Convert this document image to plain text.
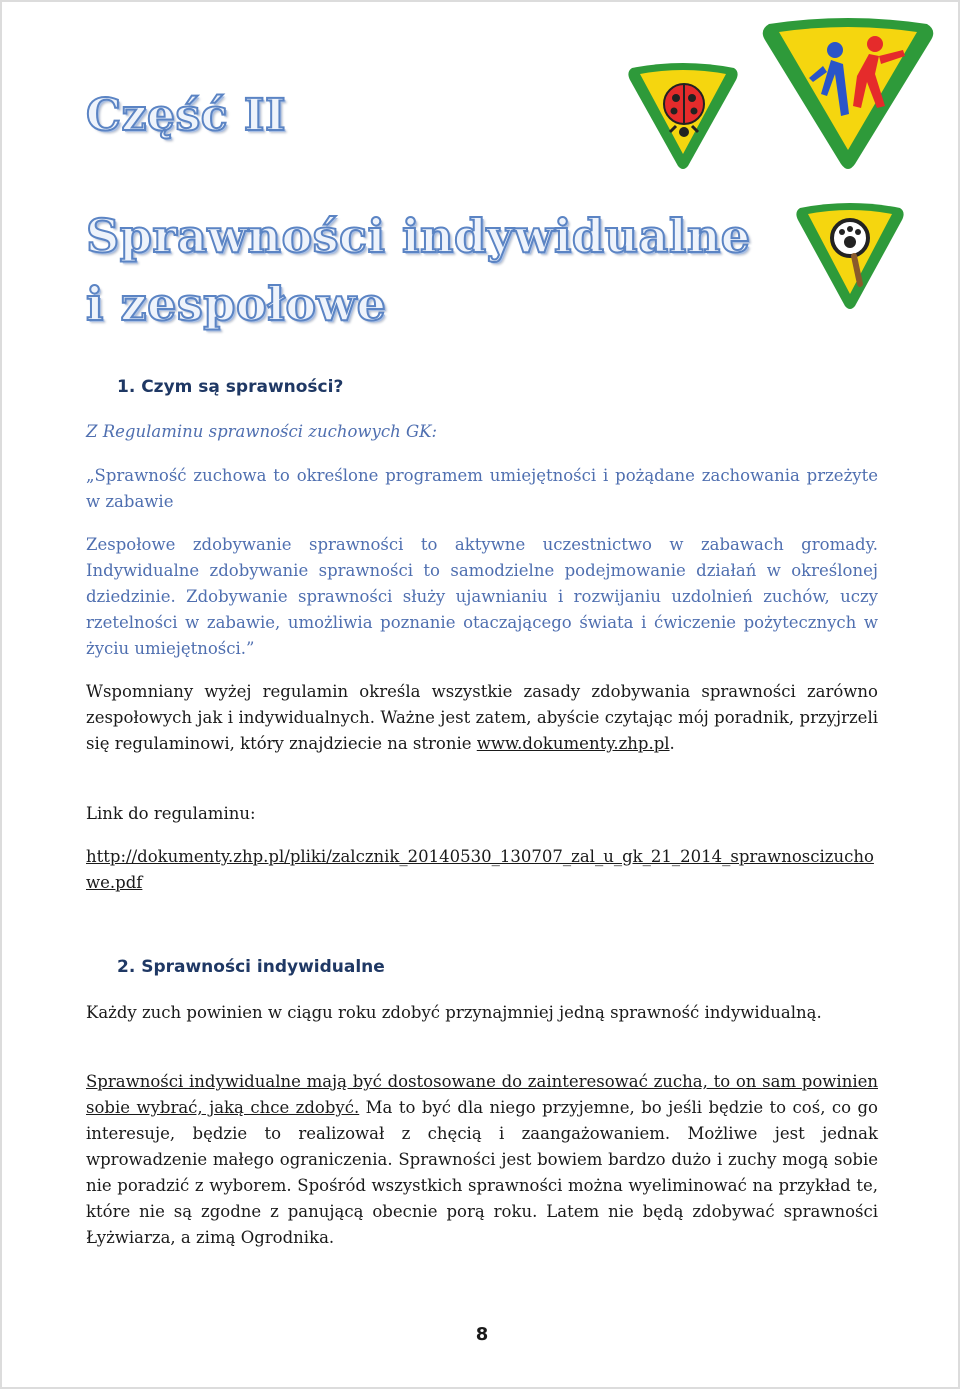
Część II
Sprawności indywidualne
i zespołowe
1. Czym są sprawności?

Z Regulaminu sprawności zuchowych GK:

„Sprawność zuchowa to określone programem umiejętności i pożądane zachowania przeżyte w zabawie

Zespołowe zdobywanie sprawności to aktywne uczestnictwo w zabawach gromady. Indywidualne zdobywanie sprawności to samodzielne podejmowanie działań w określonej dziedzinie. Zdobywanie sprawności służy ujawnianiu i rozwijaniu uzdolnień zuchów, uczy rzetelności w zabawie, umożliwia poznanie otaczającego świata i ćwiczenie pożytecznych w życiu umiejętności.”

Wspomniany wyżej regulamin określa wszystkie zasady zdobywania sprawności zarówno zespołowych jak i indywidualnych. Ważne jest zatem, abyście czytając mój poradnik, przyjrzeli się regulaminowi, który znajdziecie na stronie www.dokumenty.zhp.pl.

Link do regulaminu:

http://dokumenty.zhp.pl/pliki/zalcznik_20140530_130707_zal_u_gk_21_2014_sprawnoscizuchowe.pdf

2. Sprawności indywidualne

Każdy zuch powinien w ciągu roku zdobyć przynajmniej jedną sprawność indywidualną.

Sprawności indywidualne mają być dostosowane do zainteresować zucha, to on sam powinien sobie wybrać, jaką chce zdobyć. Ma to być dla niego przyjemne, bo jeśli będzie to coś, co go interesuje, będzie to realizował z chęcią i zaangażowaniem. Możliwe jest jednak wprowadzenie małego ograniczenia. Sprawności jest bowiem bardzo dużo i zuchy mogą sobie nie poradzić z wyborem. Spośród wszystkich sprawności można wyeliminować na przykład te, które nie są zgodne z panującą obecnie porą roku. Latem nie będą zdobywać sprawności Łyżwiarza, a zimą Ogrodnika.

8
